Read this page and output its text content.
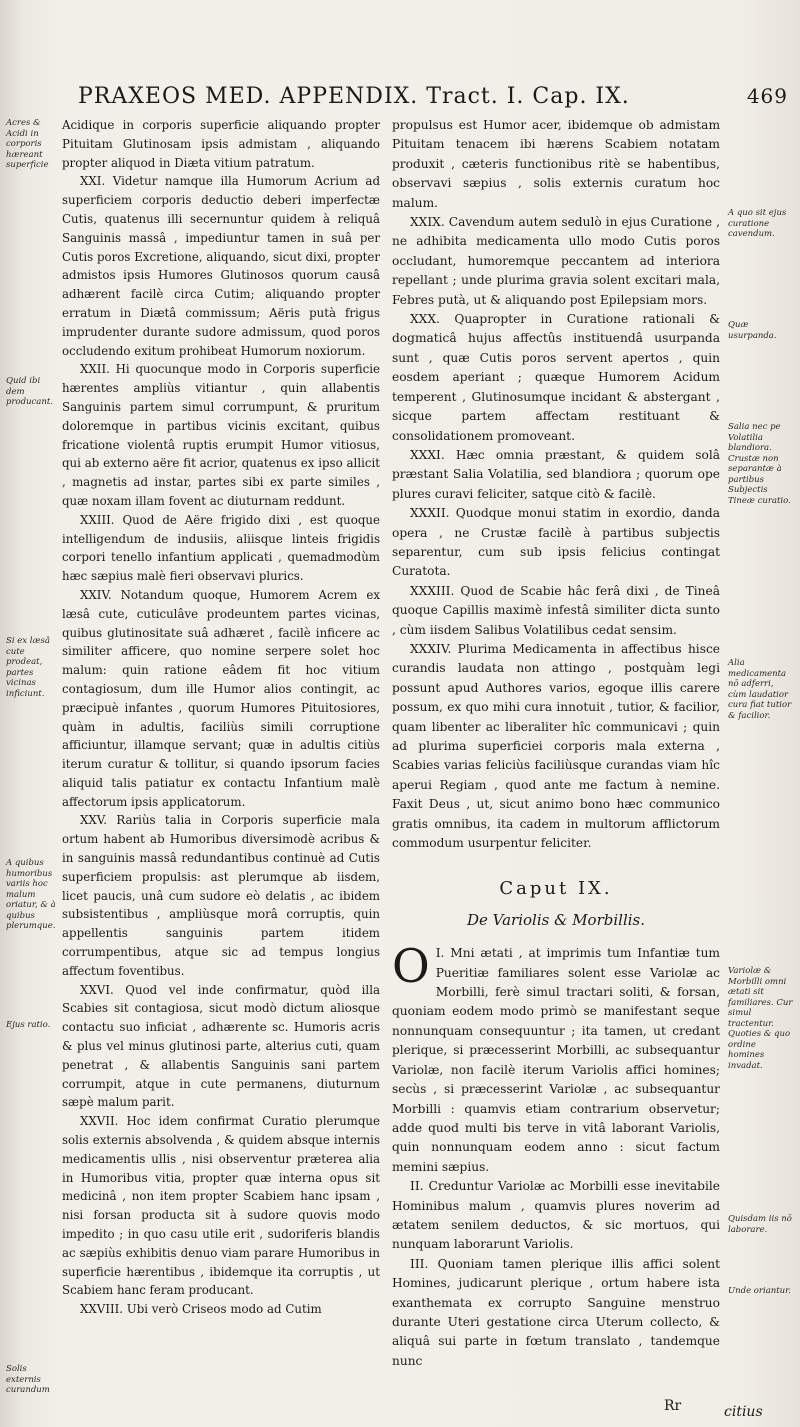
PRAXEOS MED. APPENDIX. Tract. I. Cap. IX.	469

Acidique in corporis superficie aliquando propter Pituitam Glutinosam ipsis admistam , aliquando propter aliquod in Diæta vitium patratum.

XXI. Videtur namque illa Humorum Acrium ad superficiem corporis deductio deberi imperfectæ Cutis, quatenus illi secernuntur quidem à reliquâ Sanguinis massâ , impediuntur tamen in suâ per Cutis poros Excretione, aliquando, sicut dixi, propter admistos ipsis Humores Glutinosos quorum causâ adhærent facilè circa Cutim; aliquando propter erratum in Diætâ commissum; Aëris putà frigus imprudenter durante sudore admissum, quod poros occludendo exitum prohibeat Humorum noxiorum.

XXII. Hi quocunque modo in Corporis superficie hærentes ampliùs vitiantur , quin allabentis Sanguinis partem simul corrumpunt, & pruritum doloremque in partibus vicinis excitant, quibus fricatione violentâ ruptis erumpit Humor vitiosus, qui ab externo aëre fit acrior, quatenus ex ipso allicit , magnetis ad instar, partes sibi ex parte similes , quæ noxam illam fovent ac diuturnam reddunt.

XXIII. Quod de Aëre frigido dixi , est quoque intelligendum de indusiis, aliisque linteis frigidis corpori tenello infantium applicati , quemadmodùm hæc sæpius malè fieri observavi plurics.

XXIV. Notandum quoque, Humorem Acrem ex læsâ cute, cuticulâve prodeuntem partes vicinas, quibus glutinositate suâ adhæret , facilè inficere ac similiter afficere, quo nomine serpere solet hoc malum: quin ratione eâdem fit hoc vitium contagiosum, dum ille Humor alios contingit, ac præcipuè infantes , quorum Humores Pituitosiores, quàm in adultis, faciliùs simili corruptione afficiuntur, illamque servant; quæ in adultis citiùs iterum curatur & tollitur, si quando ipsorum facies aliquid talis patiatur ex contactu Infantium malè affectorum ipsis applicatorum.

XXV. Rariùs talia in Corporis superficie mala ortum habent ab Humoribus diversimodè acribus & in sanguinis massâ redundantibus continuè ad Cutis superficiem propulsis: ast plerumque ab iisdem, licet paucis, unâ cum sudore eò delatis , ac ibidem subsistentibus , ampliùsque morâ corruptis, quin appellentis sanguinis partem itidem corrumpentibus, atque sic ad tempus longius affectum foventibus.

XXVI. Quod vel inde confirmatur, quòd illa Scabies sit contagiosa, sicut modò dictum aliosque contactu suo inficiat , adhærente sc. Humoris acris & plus vel minus glutinosi parte, alterius cuti, quam penetrat , & allabentis Sanguinis sani partem corrumpit, atque in cute permanens, diuturnum sæpè malum parit.

XXVII. Hoc idem confirmat Curatio plerumque solis externis absolvenda , & quidem absque internis medicamentis ullis , nisi observentur præterea alia in Humoribus vitia, propter quæ interna opus sit medicinâ , non item propter Scabiem hanc ipsam , nisi forsan producta sit à sudore quovis modo impedito ; in quo casu utile erit , sudoriferis blandis ac sæpiùs exhibitis denuo viam parare Humoribus in superficie hærentibus , ibidemque ita corruptis , ut Scabiem hanc feram producant.

XXVIII. Ubi verò Criseos modo ad Cutim

propulsus est Humor acer, ibidemque ob admistam Pituitam tenacem ibi hærens Scabiem notatam produxit , cæteris functionibus ritè se habentibus, observavi sæpius , solis externis curatum hoc malum.

XXIX. Cavendum autem sedulò in ejus Curatione , ne adhibita medicamenta ullo modo Cutis poros occludant, humoremque peccantem ad interiora repellant ; unde plurima gravia solent excitari mala, Febres putà, ut & aliquando post Epilepsiam mors.

XXX. Quapropter in Curatione rationali & dogmaticâ hujus affectûs instituendâ usurpanda sunt , quæ Cutis poros servent apertos , quin eosdem aperiant ; quæque Humorem Acidum temperent , Glutinosumque incidant & abstergant , sicque partem affectam restituant & consolidationem promoveant.

XXXI. Hæc omnia præstant, & quidem solâ præstant Salia Volatilia, sed blandiora ; quorum ope plures curavi feliciter, satque citò & facilè.

XXXII. Quodque monui statim in exordio, danda opera , ne Crustæ facilè à partibus subjectis separentur, cum sub ipsis felicius contingat Curatota.

XXXIII. Quod de Scabie hâc ferâ dixi , de Tineâ quoque Capillis maximè infestâ similiter dicta sunto , cùm iisdem Salibus Volatilibus cedat sensim.

XXXIV. Plurima Medicamenta in affectibus hisce curandis laudata non attingo , postquàm legi possunt apud Authores varios, egoque illis carere possum, ex quo mihi cura innotuit , tutior, & facilior, quam libenter ac liberaliter hîc communicavi ; quin ad plurima superficiei corporis mala externa , Scabies varias feliciùs faciliùsque curandas viam hîc aperui Regiam , quod ante me factum à nemine. Faxit Deus , ut, sicut animo bono hæc communico gratis omnibus, ita cadem in multorum afflictorum commodum usurpentur feliciter.

Caput IX.
De Variolis & Morbillis.

O I. Mni ætati , at imprimis tum Infantiæ tum Pueritiæ familiares solent esse Variolæ ac Morbilli, ferè simul tractari soliti, & forsan, quoniam eodem modo primò se manifestant seque nonnunquam consequuntur ; ita tamen, ut credant plerique, si præcesserint Morbilli, ac subsequantur Variolæ, non facilè iterum Variolis affici homines; secùs , si præcesserint Variolæ , ac subsequantur Morbilli : quamvis etiam contrarium observetur; adde quod multi bis terve in vitâ laborant Variolis, quin nonnunquam eodem anno : sicut factum memini sæpius.

II. Creduntur Variolæ ac Morbilli esse inevitabile Hominibus malum , quamvis plures noverim ad ætatem senilem deductos, & sic mortuos, qui nunquam laborarunt Variolis.

III. Quoniam tamen plerique illis affici solent Homines, judicarunt plerique , ortum habere ista exanthemata ex corrupto Sanguine menstruo durante Uteri gestatione circa Uterum collecto, & aliquâ sui parte in fœtum translato , tandemque nunc

Acres & Acidi in corporis hæreant superficie
Quid ibi dem producant.
Si ex læsâ cute prodeat, partes vicinas inficiunt.
A quibus humoribus variis hoc malum oriatur, & à quibus plerumque.
Ejus ratio.
Solis externis curandum
A quo sit ejus curatione cavendum.
Quæ usurpanda.
Salia nec pe Volatilia blandiora. Crustæ non separantæ à partibus Subjectis Tineæ curatio.
Alia medicamenta nō adferri, cùm laudatior cura fiat tutior & facilior.
Variolæ & Morbilli omni ætati sit familiares. Cur simul tractentur. Quoties & quo ordine homines invadat.
Quisdam iis nō laborare.
Unde oriantur.
Rr	citius
